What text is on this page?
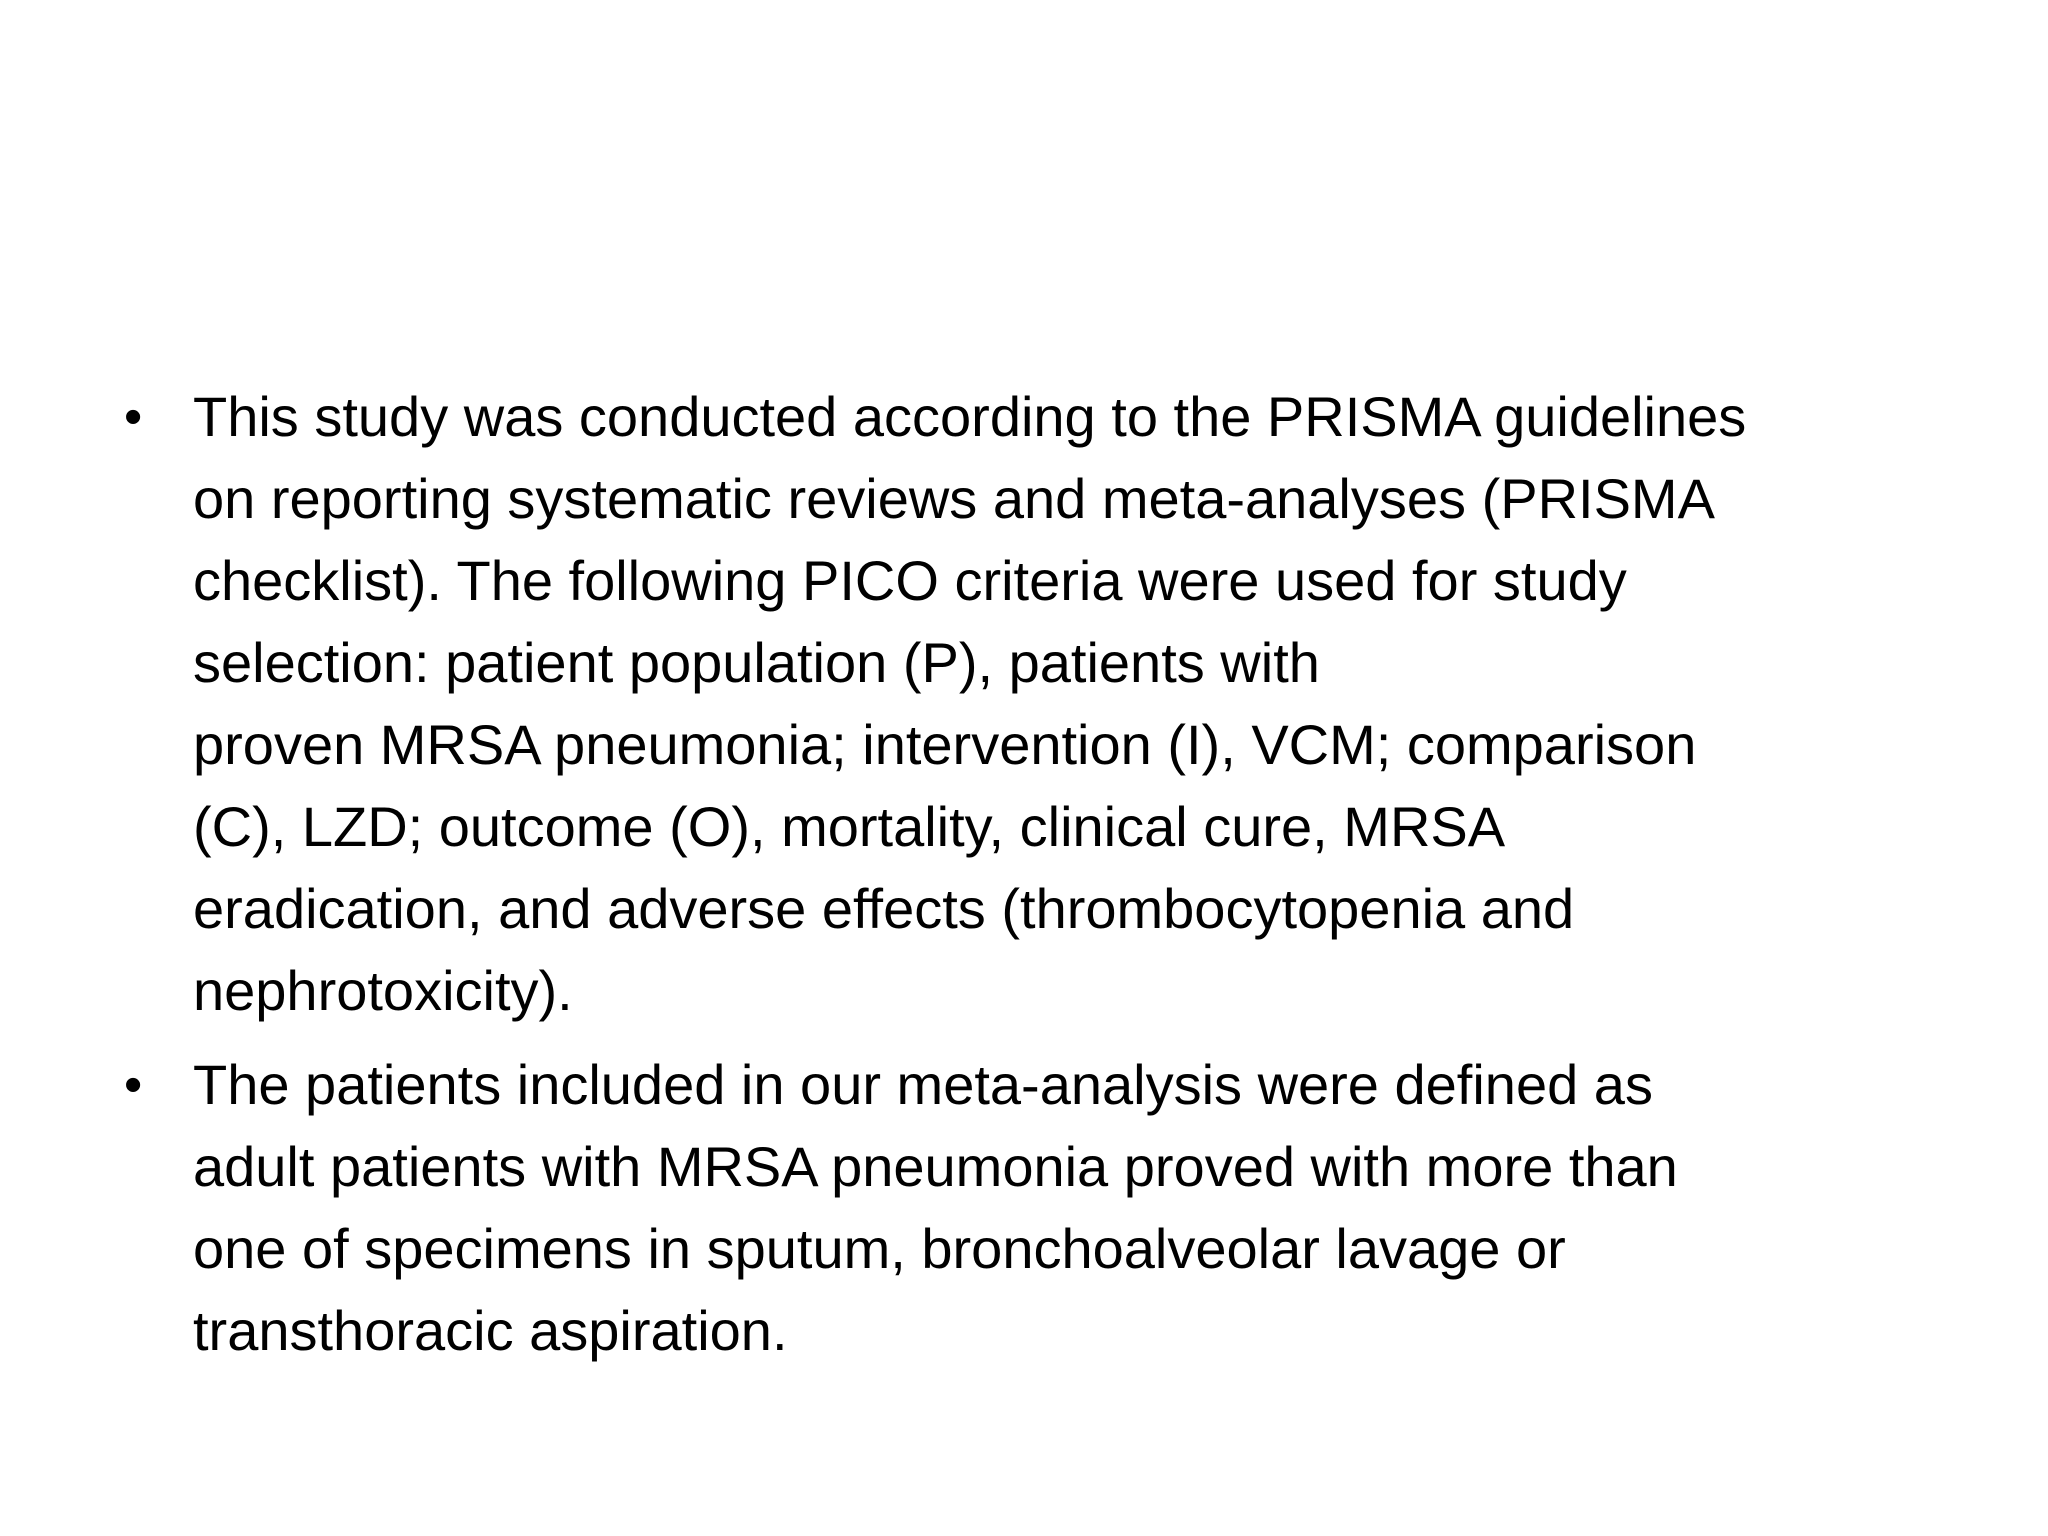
• This study was conducted according to the PRISMA guidelines
on reporting systematic reviews and meta-analyses (PRISMA
checklist). The following PICO criteria were used for study
selection: patient population (P), patients with
proven MRSA pneumonia; intervention (I), VCM; comparison
(C), LZD; outcome (O), mortality, clinical cure, MRSA
eradication, and adverse effects (thrombocytopenia and
nephrotoxicity).
• The patients included in our meta-analysis were defined as
adult patients with MRSA pneumonia proved with more than
one of specimens in sputum, bronchoalveolar lavage or
transthoracic aspiration.
